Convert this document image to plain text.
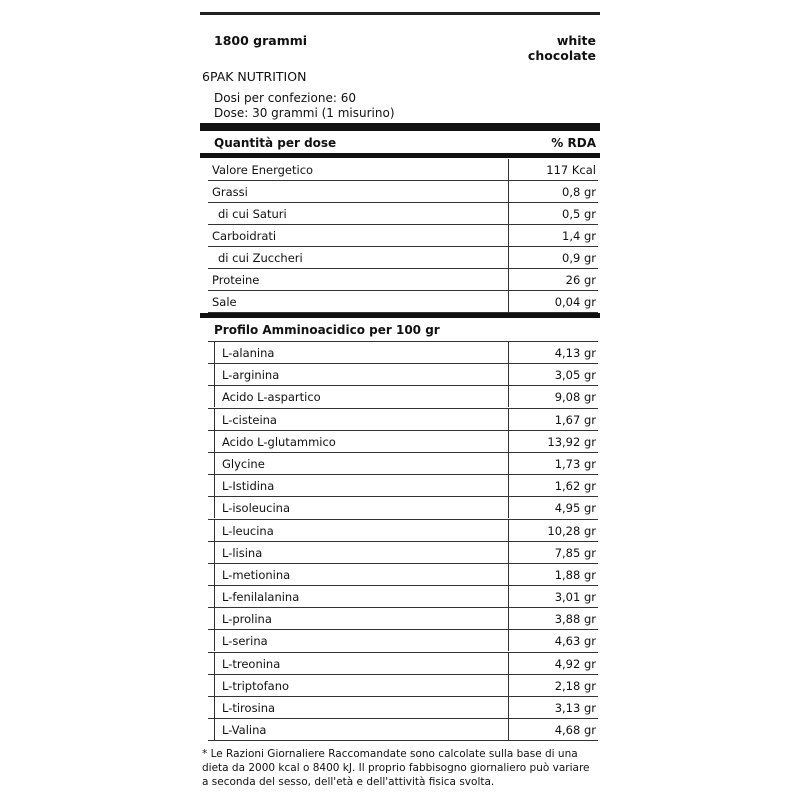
1800 grammi	white
chocolate
6PAK NUTRITION
Dosi per confezione: 60
Dose: 30 grammi (1 misurino)
Quantità per dose	% RDA
Valore Energetico	117 Kcal
Grassi	0,8 gr
di cui Saturi	0,5 gr
Carboidrati	1,4 gr
di cui Zuccheri	0,9 gr
Proteine	26 gr
Sale	0,04 gr
Profilo Amminoacidico per 100 gr
L-alanina	4,13 gr
L-arginina	3,05 gr
Acido L-aspartico	9,08 gr
L-cisteina	1,67 gr
Acido L-glutammico	13,92 gr
Glycine	1,73 gr
L-Istidina	1,62 gr
L-isoleucina	4,95 gr
L-leucina	10,28 gr
L-lisina	7,85 gr
L-metionina	1,88 gr
L-fenilalanina	3,01 gr
L-prolina	3,88 gr
L-serina	4,63 gr
L-treonina	4,92 gr
L-triptofano	2,18 gr
L-tirosina	3,13 gr
L-Valina	4,68 gr
* Le Razioni Giornaliere Raccomandate sono calcolate sulla base di una dieta da 2000 kcal o 8400 kJ. Il proprio fabbisogno giornaliero può variare a seconda del sesso, dell'età e dell'attività fisica svolta.
